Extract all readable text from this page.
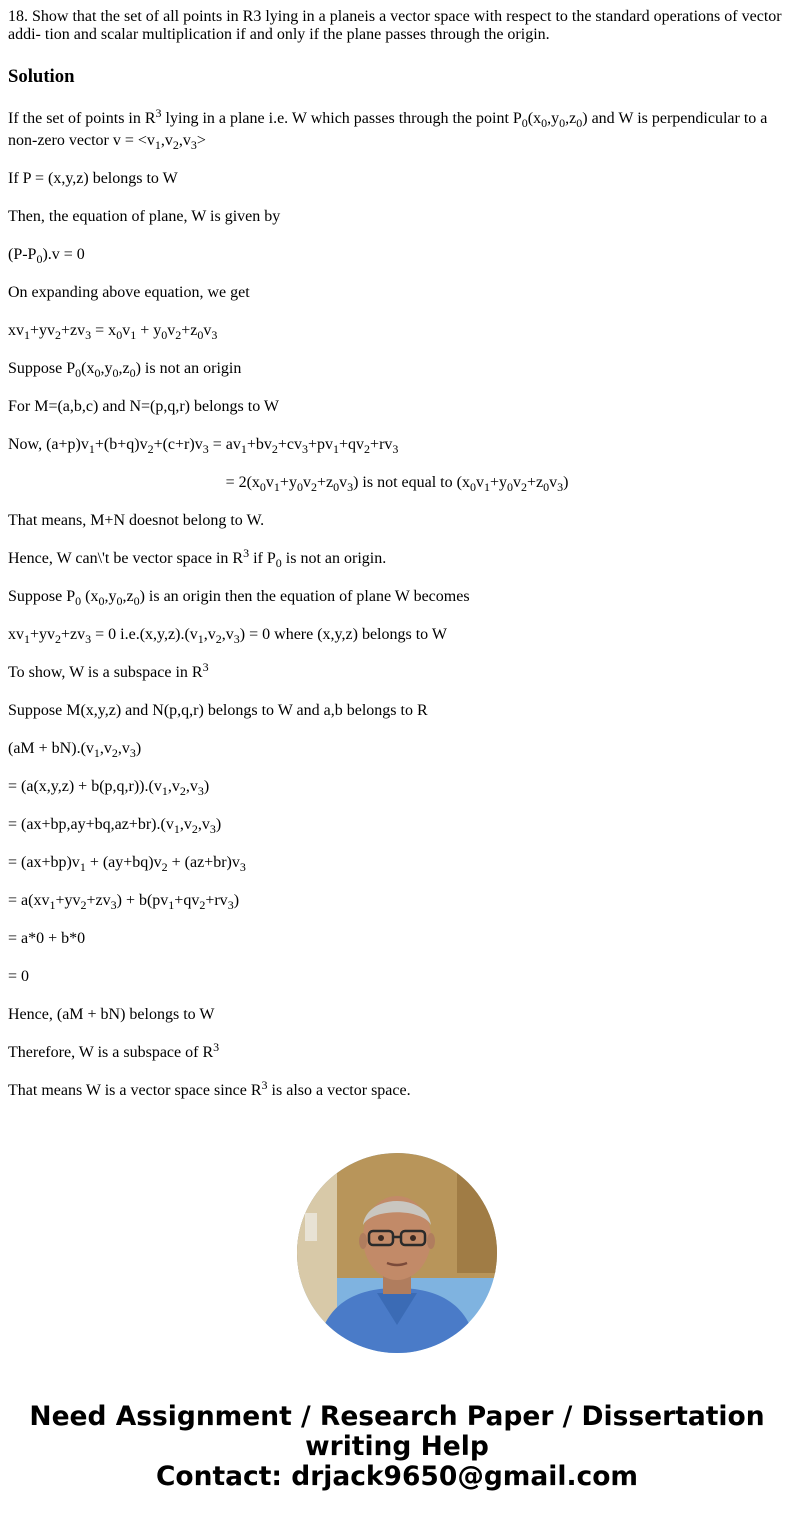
18. Show that the set of all points in R3 lying in a planeis a vector space with respect to the standard operations of vector addi- tion and scalar multiplication if and only if the plane passes through the origin.
Solution
If the set of points in $R^3$ lying in a plane i.e. W which passes through the point $P_0(x_0,y_0,z_0)$ and W is perpendicular to a non-zero vector $v = <v_1,v_2,v_3>$
If P = (x,y,z) belongs to W
Then, the equation of plane, W is given by
$(P-P_0).v = 0$
On expanding above equation, we get
$xv_1+yv_2+zv_3 = x_0v_1 + y_0v_2+z_0v_3$
Suppose $P_0(x_0,y_0,z_0)$ is not an origin
For M=(a,b,c) and N=(p,q,r) belongs to W
Now, $(a+p)v_1+(b+q)v_2+(c+r)v_3 = av_1+bv_2+cv_3+pv_1+qv_2+rv_3$
= $2(x_0v_1+y_0v_2+z_0v_3)$ is not equal to $(x_0v_1+y_0v_2+z_0v_3)$
That means, M+N doesnot belong to W.
Hence, W can\'t be vector space in $R^3$ if $P_0$ is not an origin.
Suppose $P_0$ $(x_0,y_0,z_0)$ is an origin then the equation of plane W becomes
$xv_1+yv_2+zv_3 = 0$ $i.e.(x,y,z).(v_1,v_2,v_3) = 0$ where (x,y,z) belongs to W
To show, W is a subspace in $R^3$
Suppose M(x,y,z) and N(p,q,r) belongs to W and a,b belongs to R
$(aM + bN).(v_1,v_2,v_3)$
= $(a(x,y,z) + b(p,q,r)).(v_1,v_2,v_3)$
= $(ax+bp,ay+bq,az+br).(v_1,v_2,v_3)$
= $(ax+bp)v_1 + (ay+bq)v_2 + (az+br)v_3$
= $a(xv_1+yv_2+zv_3) + b(pv_1+qv_2+rv_3)$
= a*0 + b*0
= 0
Hence, (aM + bN) belongs to W
Therefore, W is a subspace of $R^3$
That means W is a vector space since $R^3$ is also a vector space.
Need Assignment / Research Paper / Dissertation
writing Help
Contact: drjack9650@gmail.com
